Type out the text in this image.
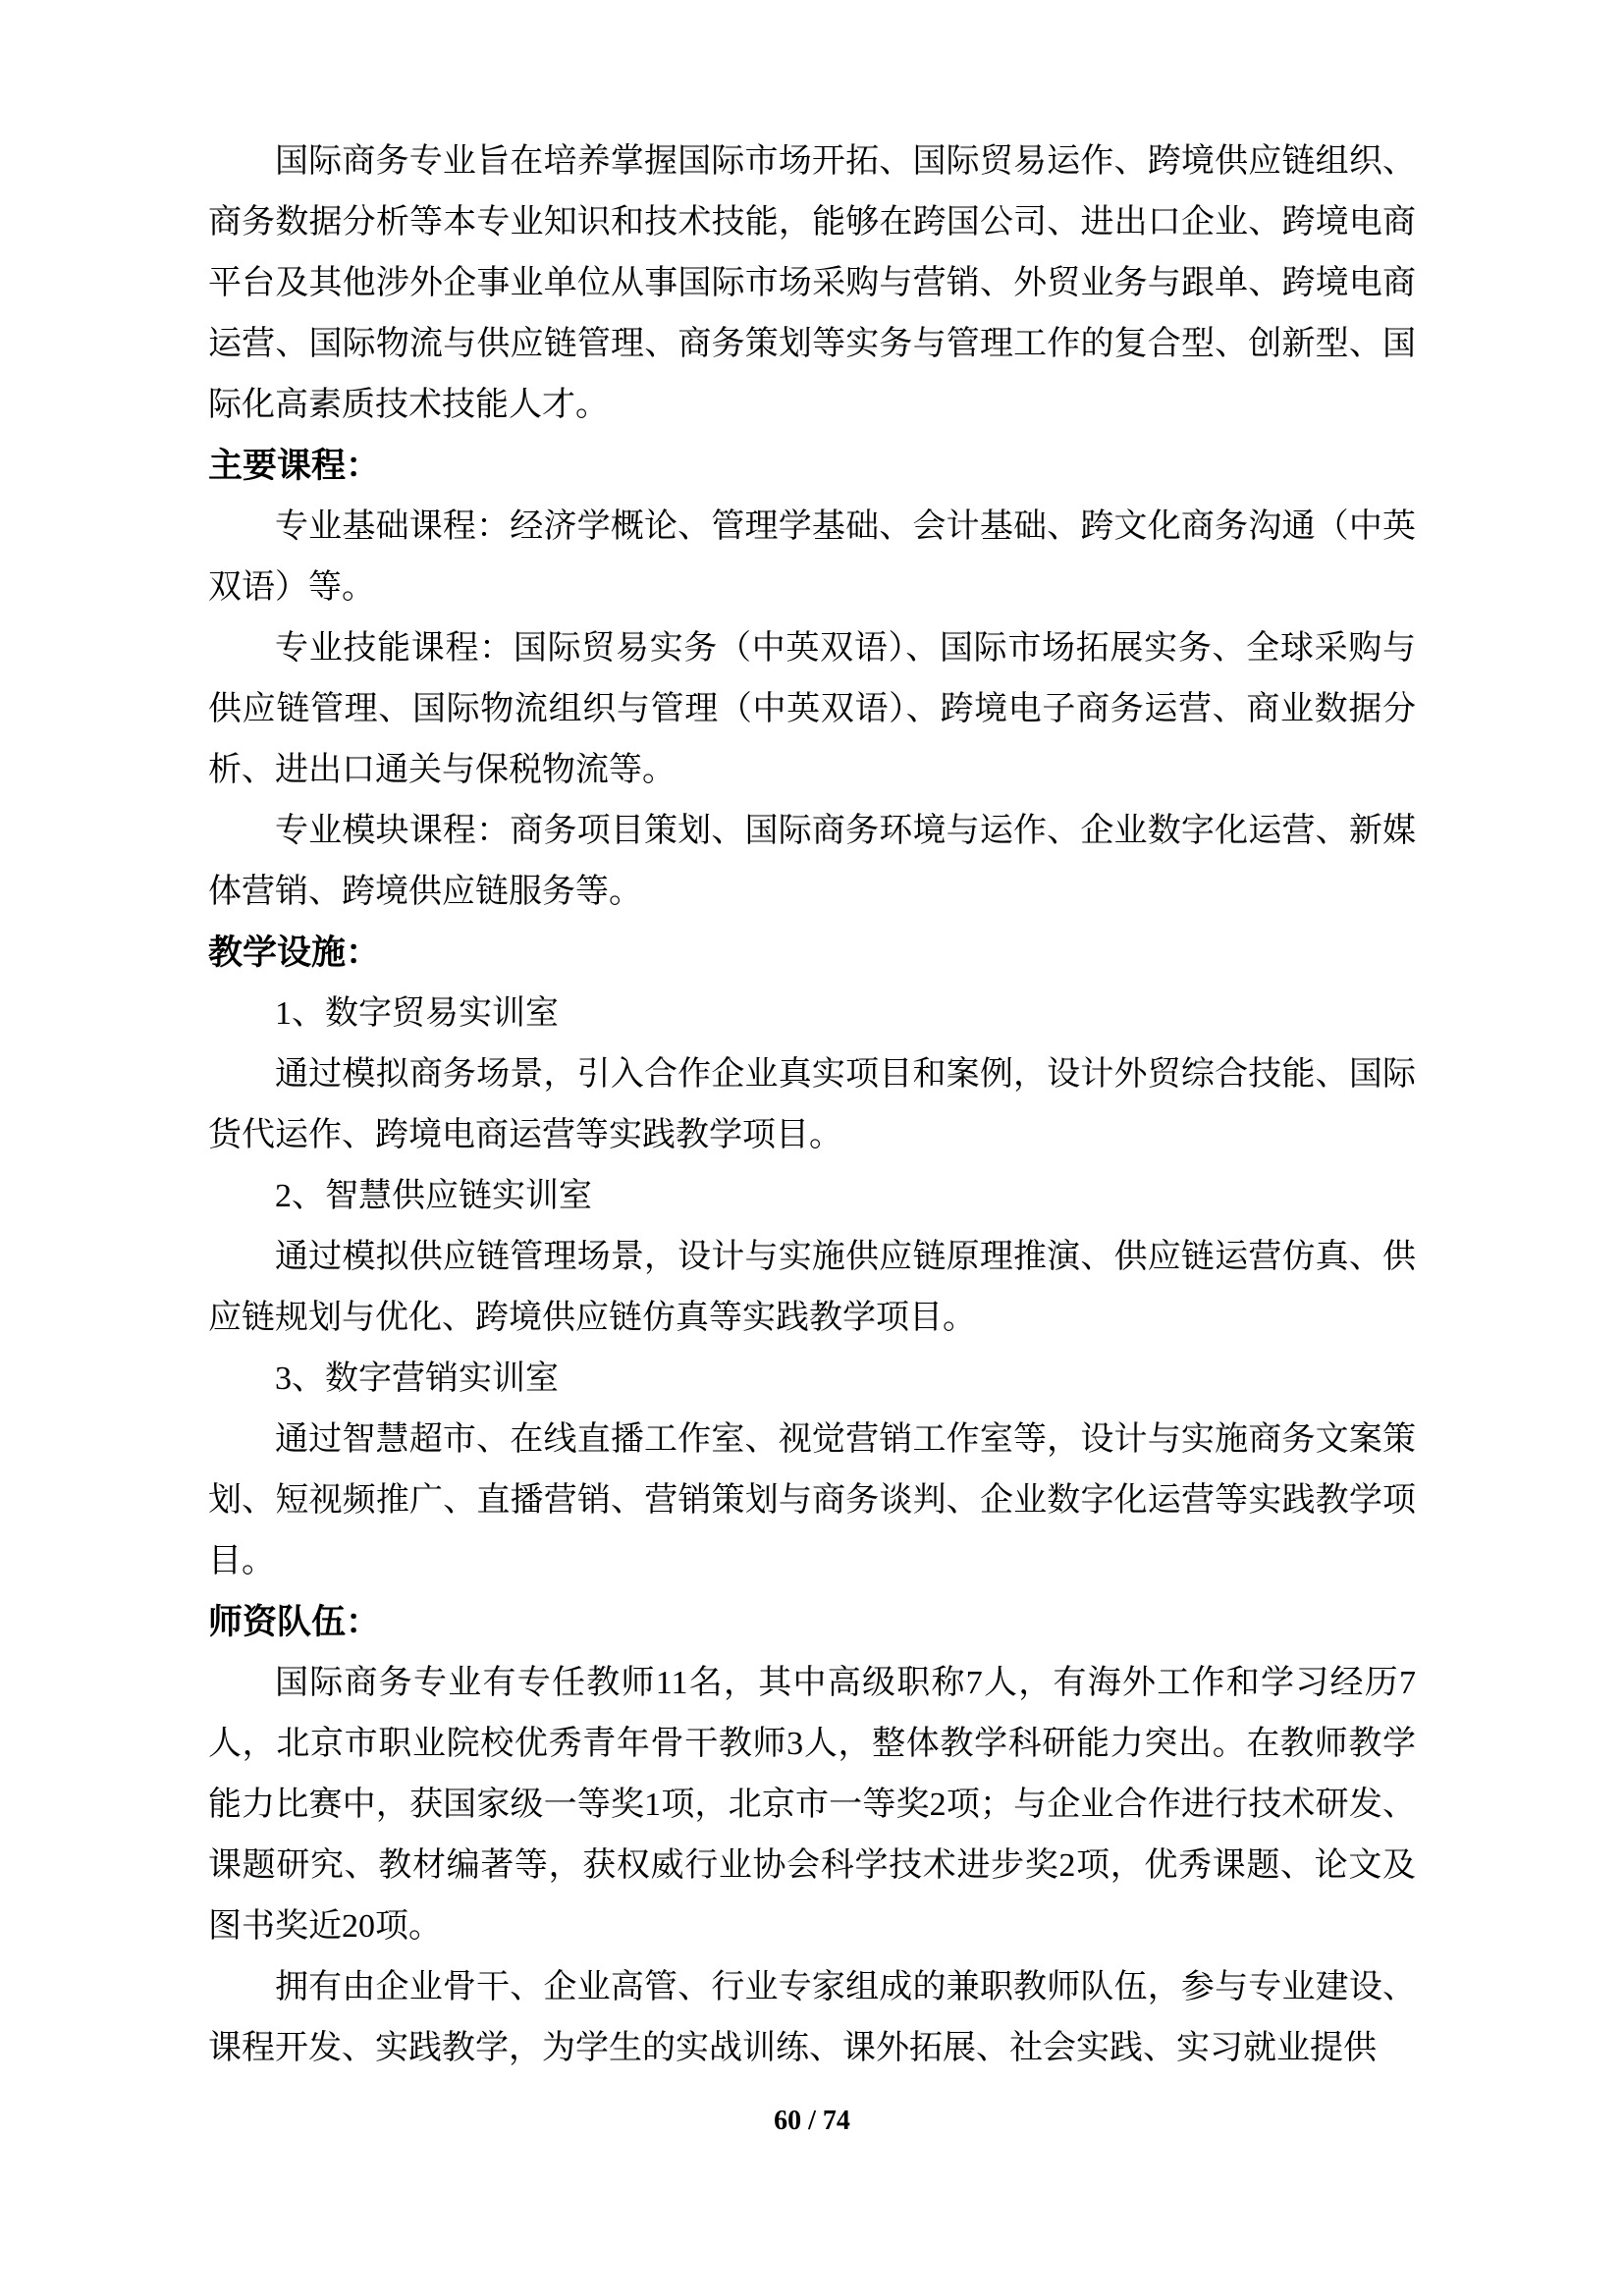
国际商务专业旨在培养掌握国际市场开拓、国际贸易运作、跨境供应链组织、商务数据分析等本专业知识和技术技能，能够在跨国公司、进出口企业、跨境电商平台及其他涉外企事业单位从事国际市场采购与营销、外贸业务与跟单、跨境电商运营、国际物流与供应链管理、商务策划等实务与管理工作的复合型、创新型、国际化高素质技术技能人才。

主要课程：

专业基础课程：经济学概论、管理学基础、会计基础、跨文化商务沟通（中英双语）等。

专业技能课程：国际贸易实务（中英双语）、国际市场拓展实务、全球采购与供应链管理、国际物流组织与管理（中英双语）、跨境电子商务运营、商业数据分析、进出口通关与保税物流等。

专业模块课程：商务项目策划、国际商务环境与运作、企业数字化运营、新媒体营销、跨境供应链服务等。

教学设施：

1、数字贸易实训室

通过模拟商务场景，引入合作企业真实项目和案例，设计外贸综合技能、国际货代运作、跨境电商运营等实践教学项目。

2、智慧供应链实训室

通过模拟供应链管理场景，设计与实施供应链原理推演、供应链运营仿真、供应链规划与优化、跨境供应链仿真等实践教学项目。

3、数字营销实训室

通过智慧超市、在线直播工作室、视觉营销工作室等，设计与实施商务文案策划、短视频推广、直播营销、营销策划与商务谈判、企业数字化运营等实践教学项目。

师资队伍：

国际商务专业有专任教师11名，其中高级职称7人，有海外工作和学习经历7人，北京市职业院校优秀青年骨干教师3人，整体教学科研能力突出。在教师教学能力比赛中，获国家级一等奖1项，北京市一等奖2项；与企业合作进行技术研发、课题研究、教材编著等，获权威行业协会科学技术进步奖2项，优秀课题、论文及图书奖近20项。

拥有由企业骨干、企业高管、行业专家组成的兼职教师队伍，参与专业建设、课程开发、实践教学，为学生的实战训练、课外拓展、社会实践、实习就业提供

60 / 74
